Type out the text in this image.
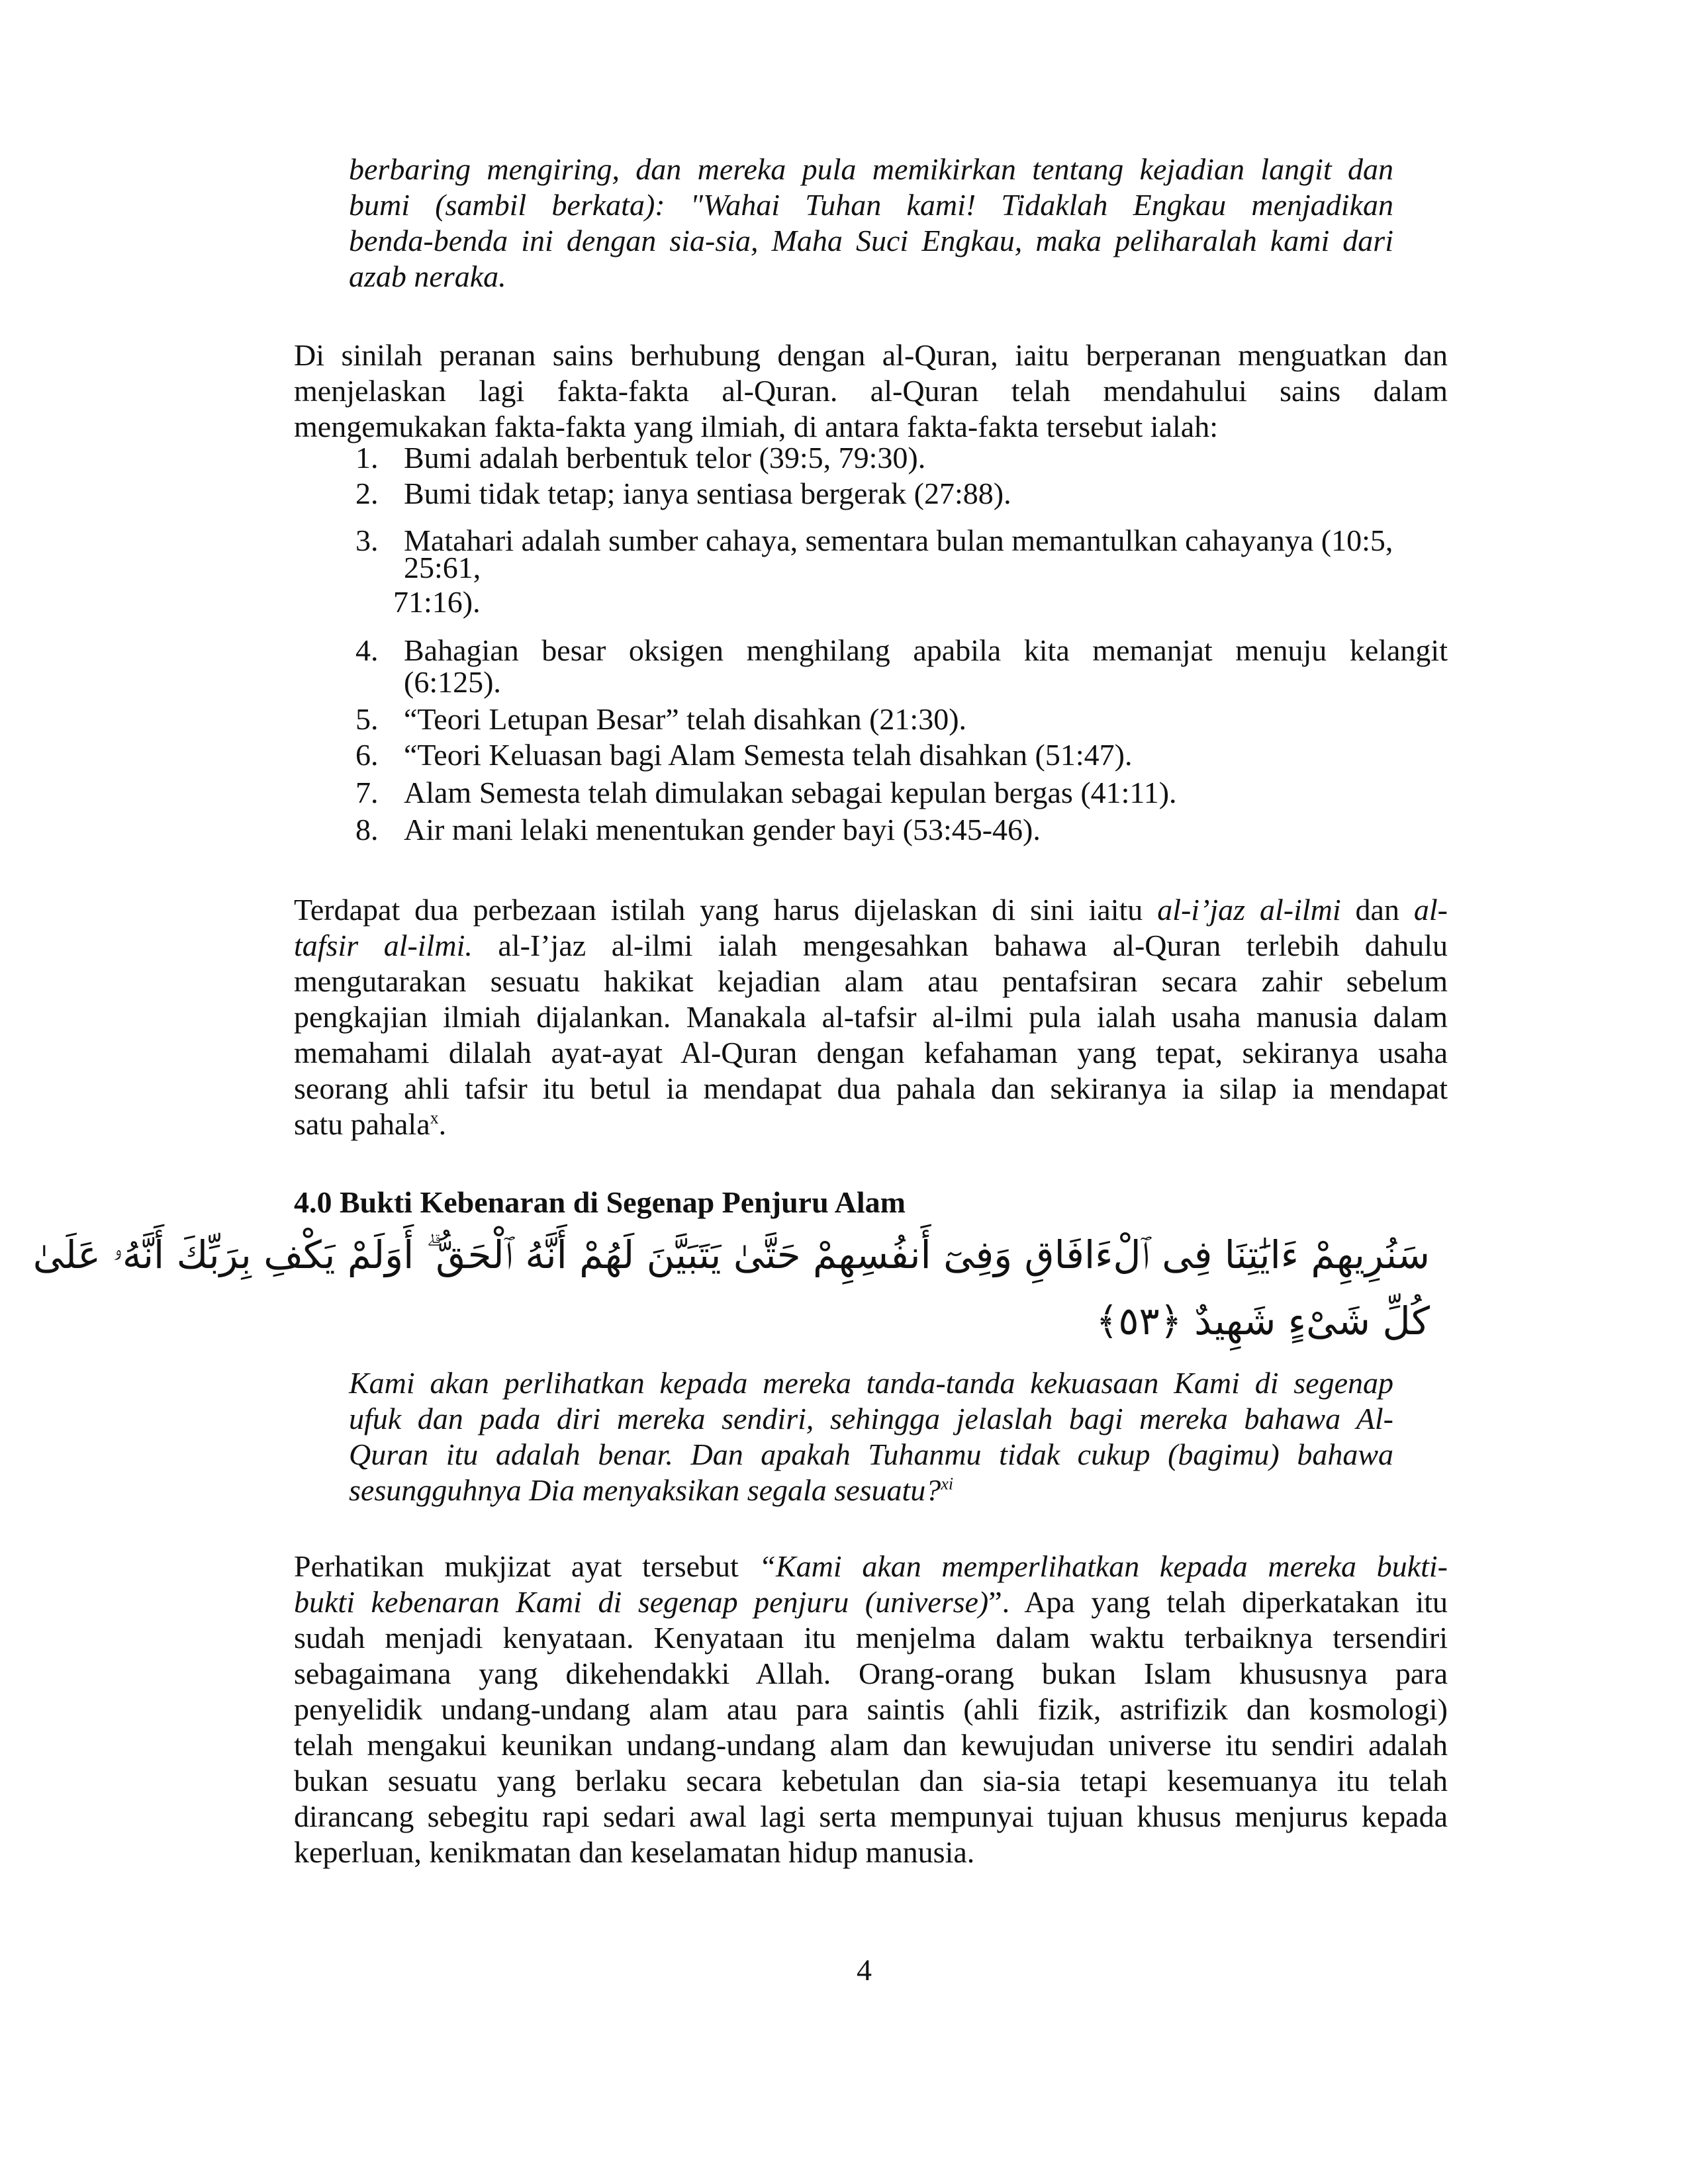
berbaring mengiring, dan mereka pula memikirkan tentang kejadian langit dan
bumi (sambil berkata): "Wahai Tuhan kami! Tidaklah Engkau menjadikan
benda-benda ini dengan sia-sia, Maha Suci Engkau, maka peliharalah kami dari
azab neraka.
Di sinilah peranan sains berhubung dengan al-Quran, iaitu berperanan menguatkan dan
menjelaskan lagi fakta-fakta al-Quran. al-Quran telah mendahului sains dalam
mengemukakan fakta-fakta yang ilmiah, di antara fakta-fakta tersebut ialah:
1. Bumi adalah berbentuk telor (39:5, 79:30).
2. Bumi tidak tetap; ianya sentiasa bergerak (27:88).
3. Matahari adalah sumber cahaya, sementara bulan memantulkan cahayanya (10:5,
25:61,
71:16).
4. Bahagian besar oksigen menghilang apabila kita memanjat menuju kelangit
(6:125).
5. “Teori Letupan Besar” telah disahkan (21:30).
6. “Teori Keluasan bagi Alam Semesta telah disahkan (51:47).
7. Alam Semesta telah dimulakan sebagai kepulan bergas (41:11).
8. Air mani lelaki menentukan gender bayi (53:45-46).
Terdapat dua perbezaan istilah yang harus dijelaskan di sini iaitu al-i’jaz al-ilmi dan al-
tafsir al-ilmi. al-I’jaz al-ilmi ialah mengesahkan bahawa al-Quran terlebih dahulu
mengutarakan sesuatu hakikat kejadian alam atau pentafsiran secara zahir sebelum
pengkajian ilmiah dijalankan. Manakala al-tafsir al-ilmi pula ialah usaha manusia dalam
memahami dilalah ayat-ayat Al-Quran dengan kefahaman yang tepat, sekiranya usaha
seorang ahli tafsir itu betul ia mendapat dua pahala dan sekiranya ia silap ia mendapat
satu pahala$^x$.
4.0 Bukti Kebenaran di Segenap Penjuru Alam
سَنُرِيهِمْ ءَايَٰتِنَا فِى ٱلْءَافَاقِ وَفِىٓ أَنفُسِهِمْ حَتَّىٰ يَتَبَيَّنَ لَهُمْ أَنَّهُ ٱلْحَقُّ ۗ أَوَلَمْ يَكْفِ بِرَبِّكَ أَنَّهُۥ عَلَىٰ
كُلِّ شَىْءٍ شَهِيدٌ ﴿٥٣﴾
Kami akan perlihatkan kepada mereka tanda-tanda kekuasaan Kami di segenap
ufuk dan pada diri mereka sendiri, sehingga jelaslah bagi mereka bahawa Al-
Quran itu adalah benar. Dan apakah Tuhanmu tidak cukup (bagimu) bahawa
sesungguhnya Dia menyaksikan segala sesuatu?$^{xi}$
Perhatikan mukjizat ayat tersebut “Kami akan memperlihatkan kepada mereka bukti-
bukti kebenaran Kami di segenap penjuru (universe)”. Apa yang telah diperkatakan itu
sudah menjadi kenyataan. Kenyataan itu menjelma dalam waktu terbaiknya tersendiri
sebagaimana yang dikehendakki Allah. Orang-orang bukan Islam khususnya para
penyelidik undang-undang alam atau para saintis (ahli fizik, astrifizik dan kosmologi)
telah mengakui keunikan undang-undang alam dan kewujudan universe itu sendiri adalah
bukan sesuatu yang berlaku secara kebetulan dan sia-sia tetapi kesemuanya itu telah
dirancang sebegitu rapi sedari awal lagi serta mempunyai tujuan khusus menjurus kepada
keperluan, kenikmatan dan keselamatan hidup manusia.
4
